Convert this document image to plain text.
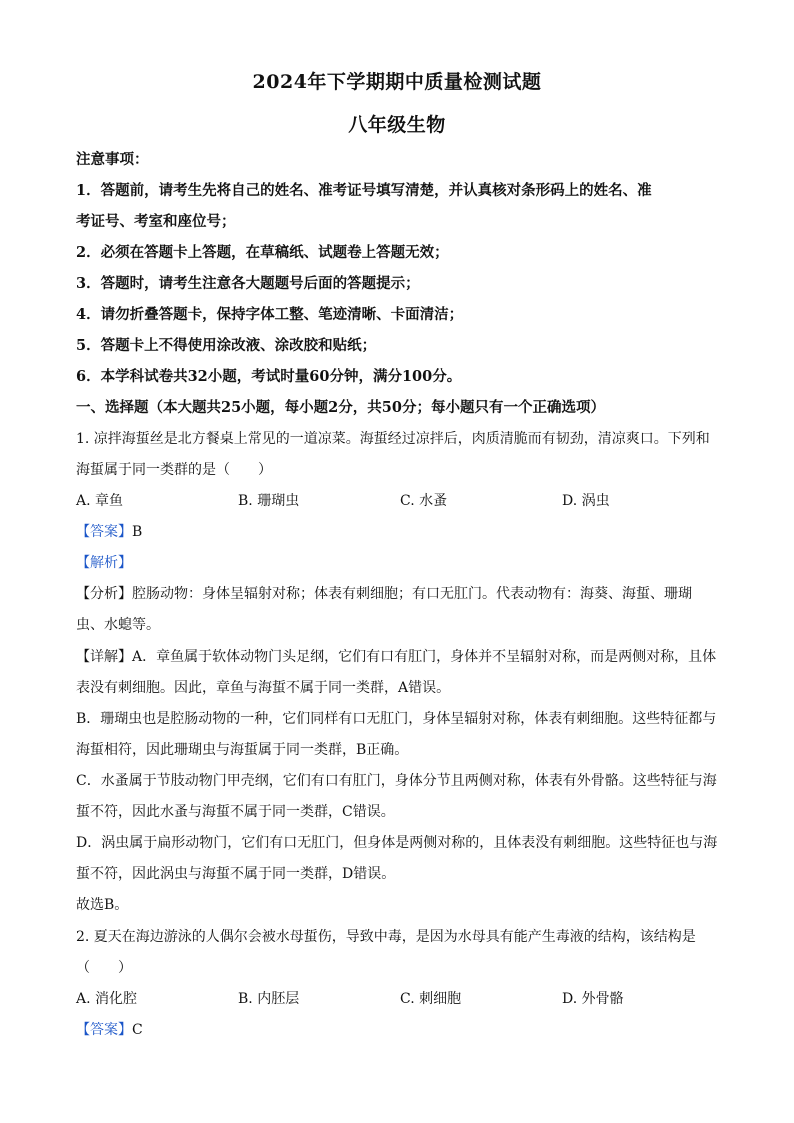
2024年下学期期中质量检测试题
八年级生物
注意事项：
1．答题前，请考生先将自己的姓名、准考证号填写清楚，并认真核对条形码上的姓名、准
考证号、考室和座位号；
2．必须在答题卡上答题，在草稿纸、试题卷上答题无效；
3．答题时，请考生注意各大题题号后面的答题提示；
4．请勿折叠答题卡，保持字体工整、笔迹清晰、卡面清洁；
5．答题卡上不得使用涂改液、涂改胶和贴纸；
6．本学科试卷共32小题，考试时量60分钟，满分100分。
一、选择题（本大题共25小题，每小题2分，共50分；每小题只有一个正确选项）
1. 凉拌海蜇丝是北方餐桌上常见的一道凉菜。海蜇经过凉拌后，肉质清脆而有韧劲，清凉爽口。下列和
海蜇属于同一类群的是（　　）
A. 章鱼	B. 珊瑚虫	C. 水蚤	D. 涡虫
【答案】B
【解析】
【分析】腔肠动物：身体呈辐射对称；体表有刺细胞；有口无肛门。代表动物有：海葵、海蜇、珊瑚
虫、水螅等。
【详解】A．章鱼属于软体动物门头足纲，它们有口有肛门，身体并不呈辐射对称，而是两侧对称，且体
表没有刺细胞。因此，章鱼与海蜇不属于同一类群，A错误。
B．珊瑚虫也是腔肠动物的一种，它们同样有口无肛门，身体呈辐射对称，体表有刺细胞。这些特征都与
海蜇相符，因此珊瑚虫与海蜇属于同一类群，B正确。
C．水蚤属于节肢动物门甲壳纲，它们有口有肛门，身体分节且两侧对称，体表有外骨骼。这些特征与海
蜇不符，因此水蚤与海蜇不属于同一类群，C错误。
D．涡虫属于扁形动物门，它们有口无肛门，但身体是两侧对称的，且体表没有刺细胞。这些特征也与海
蜇不符，因此涡虫与海蜇不属于同一类群，D错误。
故选B。
2. 夏天在海边游泳的人偶尔会被水母蜇伤，导致中毒，是因为水母具有能产生毒液的结构，该结构是
（　　）
A. 消化腔	B. 内胚层	C. 刺细胞	D. 外骨骼
【答案】C
